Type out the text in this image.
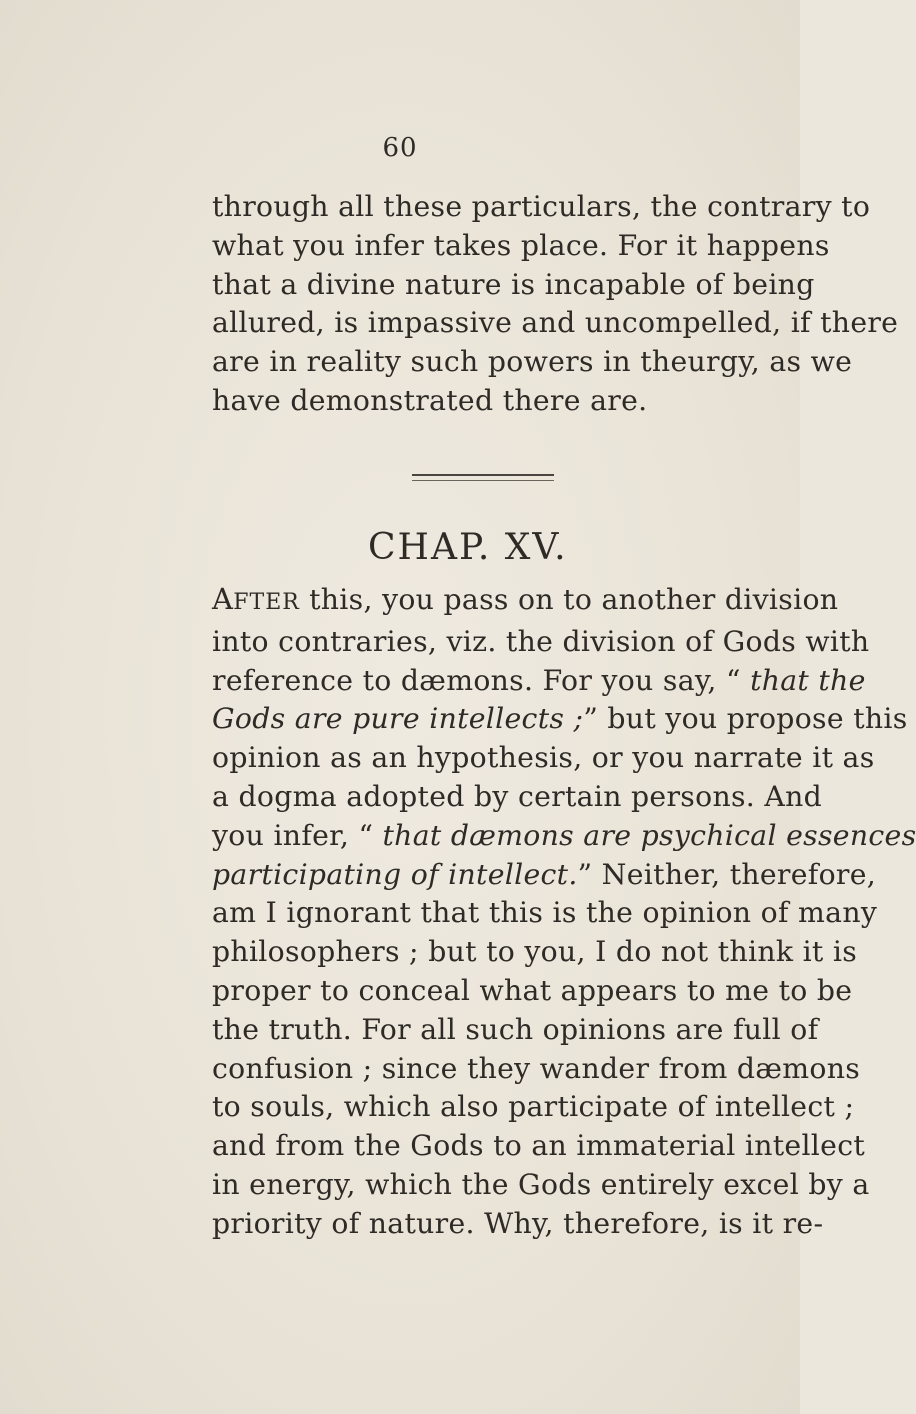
60

through all these particulars, the contrary to

what you infer takes place. For it happens

that a divine nature is incapable of being

allured, is impassive and uncompelled, if there

are in reality such powers in theurgy, as we

have demonstrated there are.

CHAP. XV.

AFTER this, you pass on to another division

into contraries, viz. the division of Gods with

reference to dæmons. For you say, “ that the

Gods are pure intellects ;” but you propose this

opinion as an hypothesis, or you narrate it as

a dogma adopted by certain persons. And

you infer, “ that dæmons are psychical essences

participating of intellect.” Neither, therefore,

am I ignorant that this is the opinion of many

philosophers ; but to you, I do not think it is

proper to conceal what appears to me to be

the truth. For all such opinions are full of

confusion ; since they wander from dæmons

to souls, which also participate of intellect ;

and from the Gods to an immaterial intellect

in energy, which the Gods entirely excel by a

priority of nature. Why, therefore, is it re-
